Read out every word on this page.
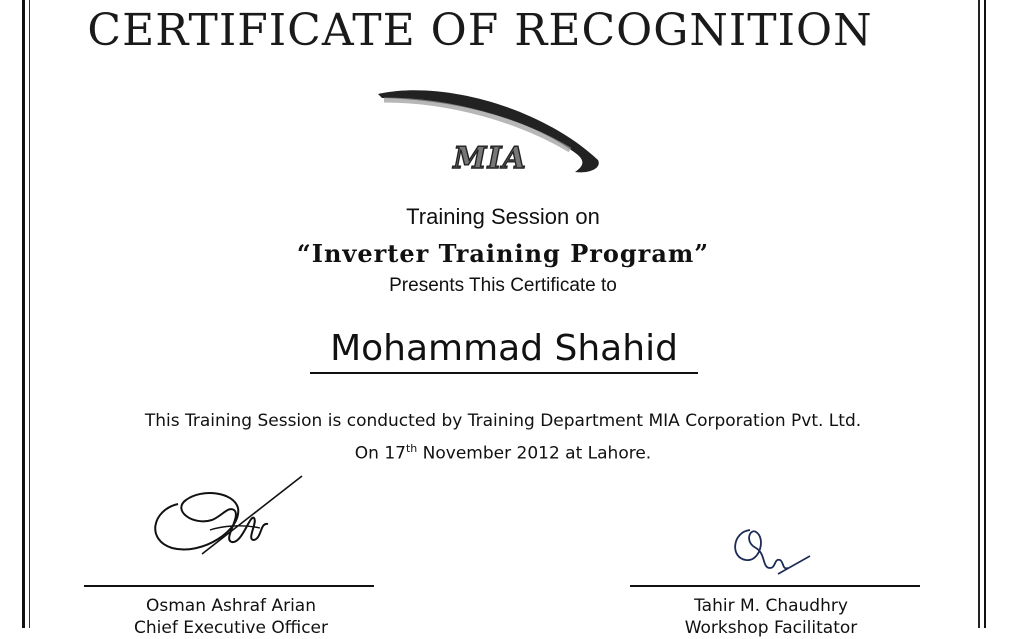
CERTIFICATE OF RECOGNITION
MIA
Training Session on
“Inverter Training Program”
Presents This Certificate to
Mohammad Shahid
This Training Session is conducted by Training Department MIA Corporation Pvt. Ltd.
On 17th November 2012 at Lahore.
Osman Ashraf Arian
Chief Executive Officer
Tahir M. Chaudhry
Workshop Facilitator
